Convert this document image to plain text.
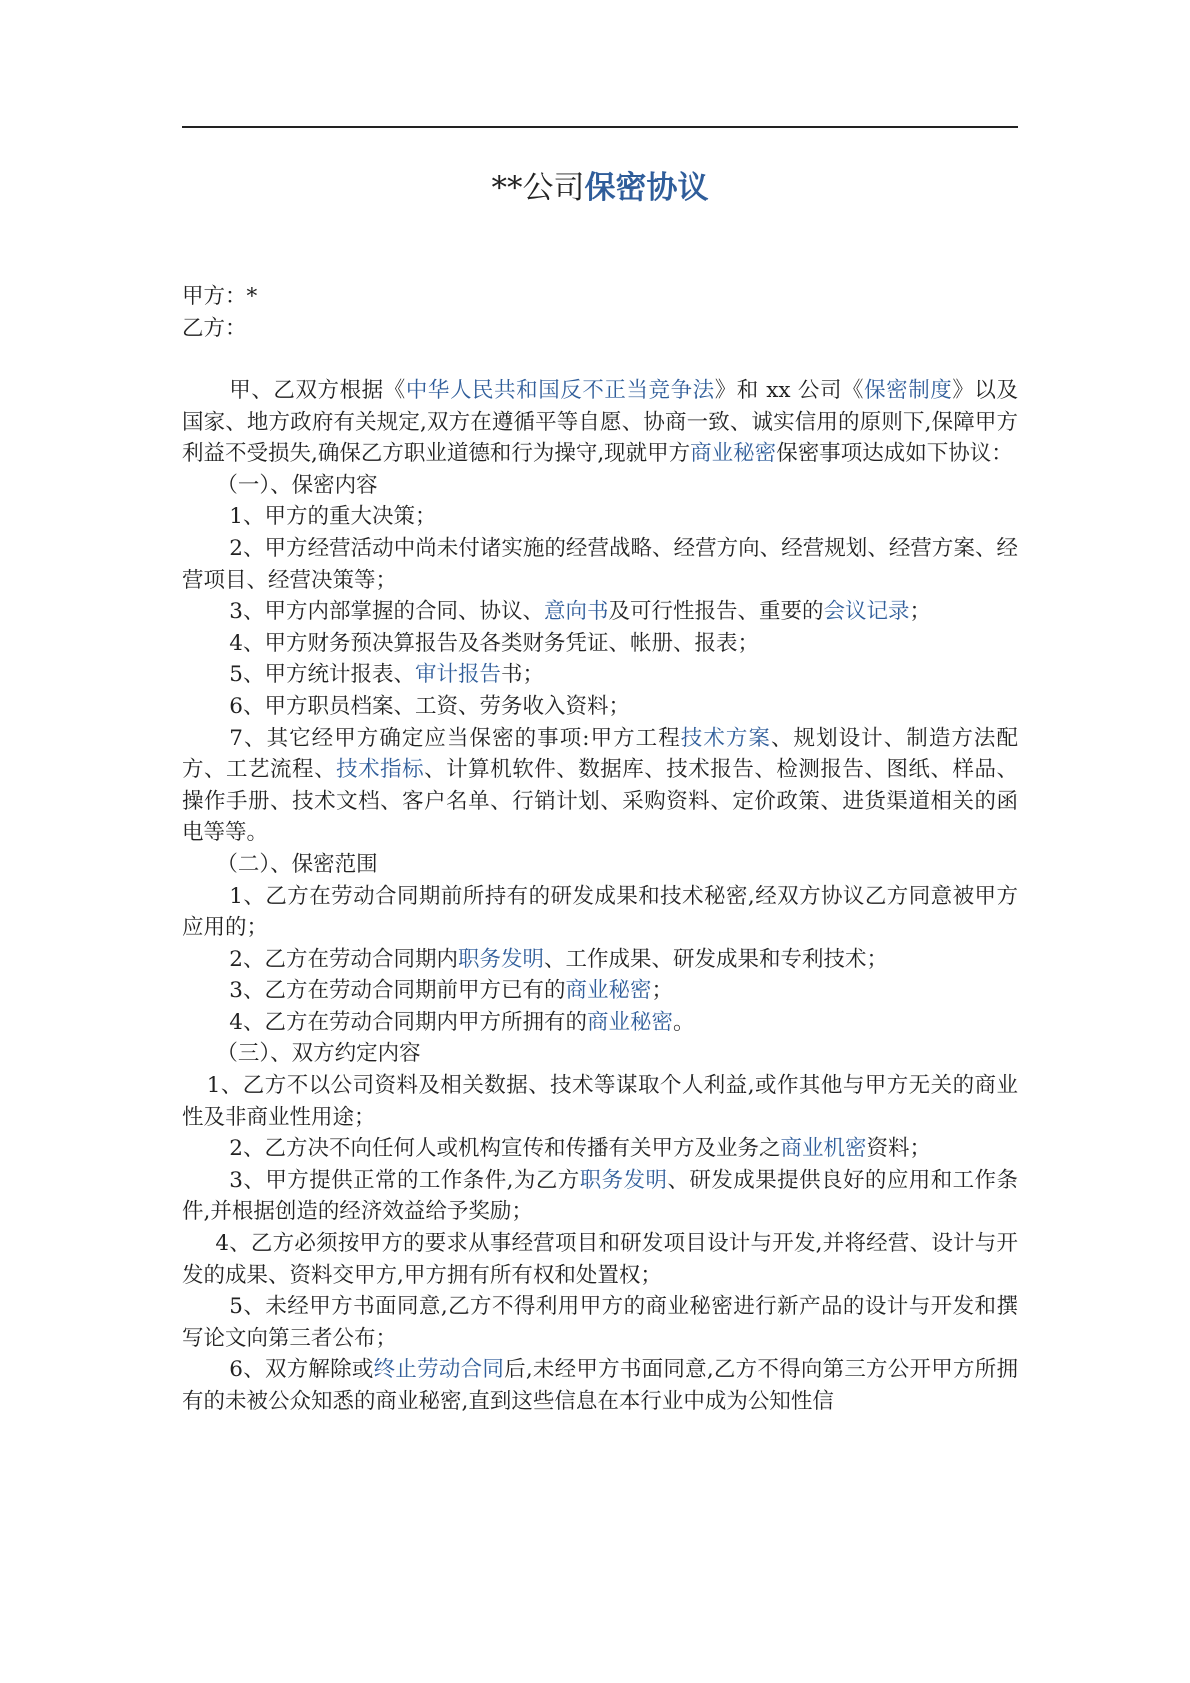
**公司保密协议
甲方：*
乙方：

甲、乙双方根据《中华人民共和国反不正当竞争法》和 xx 公司《保密制度》以及国家、地方政府有关规定,双方在遵循平等自愿、协商一致、诚实信用的原则下,保障甲方利益不受损失,确保乙方职业道德和行为操守,现就甲方商业秘密保密事项达成如下协议：

（一）、保密内容

1、甲方的重大决策；

2、甲方经营活动中尚未付诸实施的经营战略、经营方向、经营规划、经营方案、经营项目、经营决策等；

3、甲方内部掌握的合同、协议、意向书及可行性报告、重要的会议记录；

4、甲方财务预决算报告及各类财务凭证、帐册、报表；

5、甲方统计报表、审计报告书；

6、甲方职员档案、工资、劳务收入资料；

7、其它经甲方确定应当保密的事项:甲方工程技术方案、规划设计、制造方法配方、工艺流程、技术指标、计算机软件、数据库、技术报告、检测报告、图纸、样品、操作手册、技术文档、客户名单、行销计划、采购资料、定价政策、进货渠道相关的函电等等。

（二）、保密范围

1、乙方在劳动合同期前所持有的研发成果和技术秘密,经双方协议乙方同意被甲方应用的；

2、乙方在劳动合同期内职务发明、工作成果、研发成果和专利技术；

3、乙方在劳动合同期前甲方已有的商业秘密；

4、乙方在劳动合同期内甲方所拥有的商业秘密。

（三）、双方约定内容

1、乙方不以公司资料及相关数据、技术等谋取个人利益,或作其他与甲方无关的商业性及非商业性用途；

2、乙方决不向任何人或机构宣传和传播有关甲方及业务之商业机密资料；

3、甲方提供正常的工作条件,为乙方职务发明、研发成果提供良好的应用和工作条件,并根据创造的经济效益给予奖励；

4、乙方必须按甲方的要求从事经营项目和研发项目设计与开发,并将经营、设计与开发的成果、资料交甲方,甲方拥有所有权和处置权；

5、未经甲方书面同意,乙方不得利用甲方的商业秘密进行新产品的设计与开发和撰写论文向第三者公布；

6、双方解除或终止劳动合同后,未经甲方书面同意,乙方不得向第三方公开甲方所拥有的未被公众知悉的商业秘密,直到这些信息在本行业中成为公知性信
